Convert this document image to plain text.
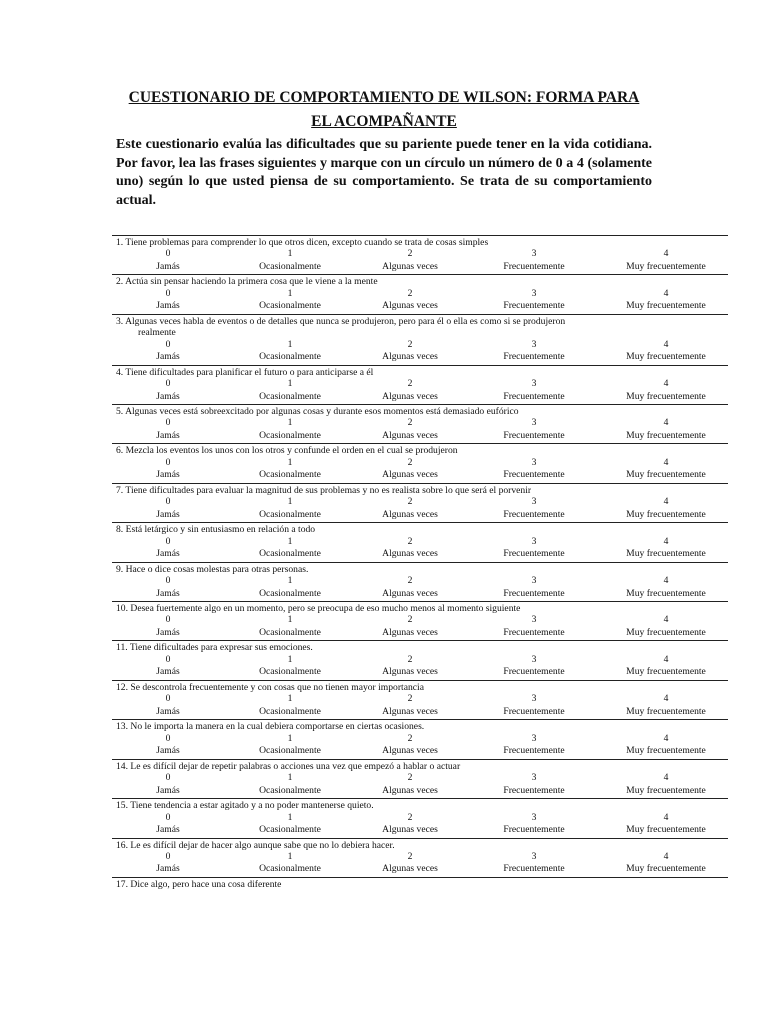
CUESTIONARIO DE COMPORTAMIENTO DE WILSON: FORMA PARA
EL ACOMPAÑANTE
Este cuestionario evalúa las dificultades que su pariente puede tener en la vida cotidiana. Por favor, lea las frases siguientes y marque con un círculo un número de 0 a 4 (solamente uno) según lo que usted piensa de su comportamiento. Se trata de su comportamiento actual.
1. Tiene problemas para comprender lo que otros dicen, excepto cuando se trata de cosas simples
0	1	2	3	4
Jamás	Ocasionalmente	Algunas veces	Frecuentemente	Muy frecuentemente
2. Actúa sin pensar haciendo la primera cosa que le viene a la mente
0	1	2	3	4
Jamás	Ocasionalmente	Algunas veces	Frecuentemente	Muy frecuentemente
3. Algunas veces habla de eventos o de detalles que nunca se produjeron, pero para él o ella es como si se produjeron
realmente
0	1	2	3	4
Jamás	Ocasionalmente	Algunas veces	Frecuentemente	Muy frecuentemente
4. Tiene dificultades para planificar el futuro o para anticiparse a él
0	1	2	3	4
Jamás	Ocasionalmente	Algunas veces	Frecuentemente	Muy frecuentemente
5. Algunas veces está sobreexcitado por algunas cosas y durante esos momentos está demasiado eufórico
0	1	2	3	4
Jamás	Ocasionalmente	Algunas veces	Frecuentemente	Muy frecuentemente
6. Mezcla los eventos los unos con los otros y confunde el orden en el cual se produjeron
0	1	2	3	4
Jamás	Ocasionalmente	Algunas veces	Frecuentemente	Muy frecuentemente
7. Tiene dificultades para evaluar la magnitud de sus problemas y no es realista sobre lo que será el porvenir
0	1	2	3	4
Jamás	Ocasionalmente	Algunas veces	Frecuentemente	Muy frecuentemente
8. Está letárgico y sin entusiasmo en relación a todo
0	1	2	3	4
Jamás	Ocasionalmente	Algunas veces	Frecuentemente	Muy frecuentemente
9. Hace o dice cosas molestas para otras personas.
0	1	2	3	4
Jamás	Ocasionalmente	Algunas veces	Frecuentemente	Muy frecuentemente
10. Desea fuertemente algo en un momento, pero se preocupa de eso mucho menos al momento siguiente
0	1	2	3	4
Jamás	Ocasionalmente	Algunas veces	Frecuentemente	Muy frecuentemente
11. Tiene dificultades para expresar sus emociones.
0	1	2	3	4
Jamás	Ocasionalmente	Algunas veces	Frecuentemente	Muy frecuentemente
12. Se descontrola frecuentemente y con cosas que no tienen mayor importancia
0	1	2	3	4
Jamás	Ocasionalmente	Algunas veces	Frecuentemente	Muy frecuentemente
13. No le importa la manera en la cual debiera comportarse en ciertas ocasiones.
0	1	2	3	4
Jamás	Ocasionalmente	Algunas veces	Frecuentemente	Muy frecuentemente
14. Le es difícil dejar de repetir palabras o acciones una vez que empezó a hablar o actuar
0	1	2	3	4
Jamás	Ocasionalmente	Algunas veces	Frecuentemente	Muy frecuentemente
15. Tiene tendencia a estar agitado y a no poder mantenerse quieto.
0	1	2	3	4
Jamás	Ocasionalmente	Algunas veces	Frecuentemente	Muy frecuentemente
16. Le es difícil dejar de hacer algo aunque sabe que no lo debiera hacer.
0	1	2	3	4
Jamás	Ocasionalmente	Algunas veces	Frecuentemente	Muy frecuentemente
17. Dice algo, pero hace una cosa diferente
